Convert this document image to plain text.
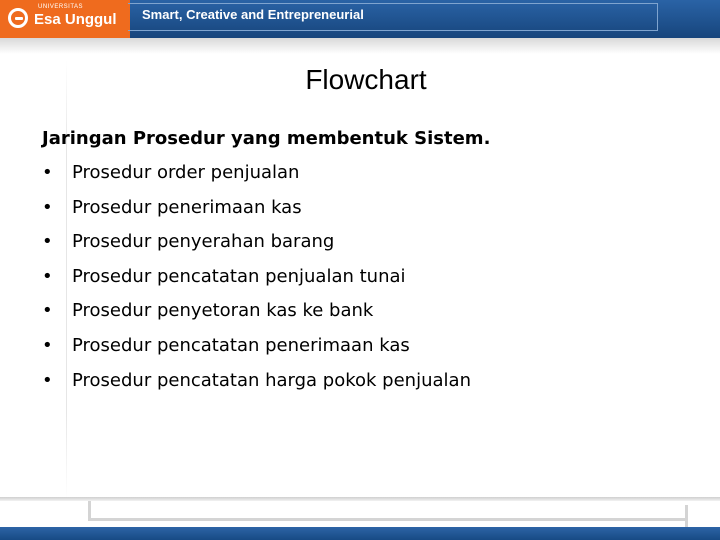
UNIVERSITAS
Esa Unggul Smart, Creative and Entrepreneurial
Flowchart

Jaringan Prosedur yang membentuk Sistem.

•	Prosedur order penjualan
•	Prosedur penerimaan kas
•	Prosedur penyerahan barang
•	Prosedur pencatatan penjualan tunai
•	Prosedur penyetoran kas ke bank
•	Prosedur pencatatan penerimaan kas
•	Prosedur pencatatan harga pokok penjualan
